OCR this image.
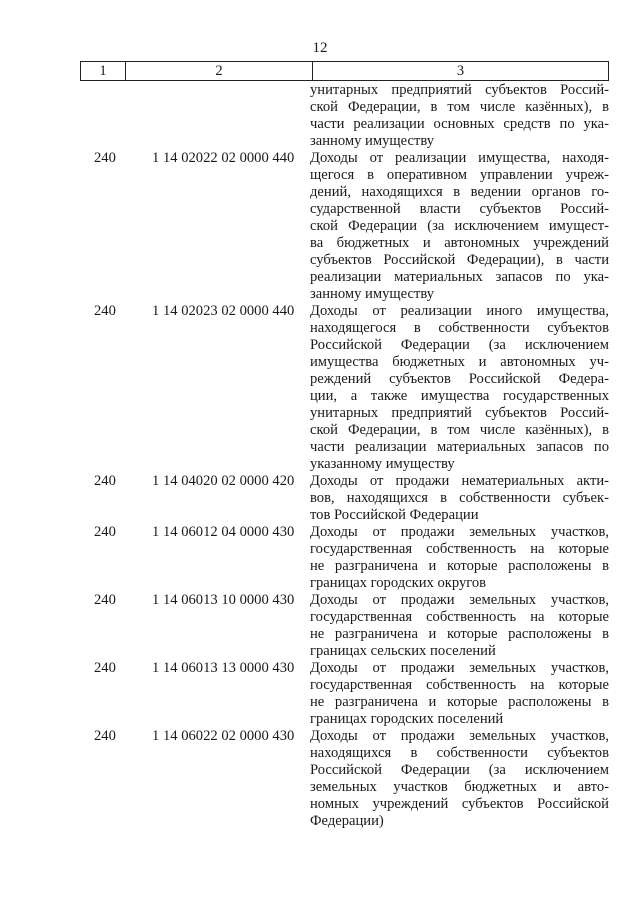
12
1	2	3
унитарных предприятий субъектов Россий-
ской Федерации, в том числе казённых), в
части реализации основных средств по ука-
занному имуществу
240	1 14 02022 02 0000 440	Доходы от реализации имущества, находя-
щегося в оперативном управлении учреж-
дений, находящихся в ведении органов го-
сударственной власти субъектов Россий-
ской Федерации (за исключением имущест-
ва бюджетных и автономных учреждений
субъектов Российской Федерации), в части
реализации материальных запасов по ука-
занному имуществу
240	1 14 02023 02 0000 440	Доходы от реализации иного имущества,
находящегося в собственности субъектов
Российской Федерации (за исключением
имущества бюджетных и автономных уч-
реждений субъектов Российской Федера-
ции, а также имущества государственных
унитарных предприятий субъектов Россий-
ской Федерации, в том числе казённых), в
части реализации материальных запасов по
указанному имуществу
240	1 14 04020 02 0000 420	Доходы от продажи нематериальных акти-
вов, находящихся в собственности субъек-
тов Российской Федерации
240	1 14 06012 04 0000 430	Доходы от продажи земельных участков,
государственная собственность на которые
не разграничена и которые расположены в
границах городских округов
240	1 14 06013 10 0000 430	Доходы от продажи земельных участков,
государственная собственность на которые
не разграничена и которые расположены в
границах сельских поселений
240	1 14 06013 13 0000 430	Доходы от продажи земельных участков,
государственная собственность на которые
не разграничена и которые расположены в
границах городских поселений
240	1 14 06022 02 0000 430	Доходы от продажи земельных участков,
находящихся в собственности субъектов
Российской Федерации (за исключением
земельных участков бюджетных и авто-
номных учреждений субъектов Российской
Федерации)
